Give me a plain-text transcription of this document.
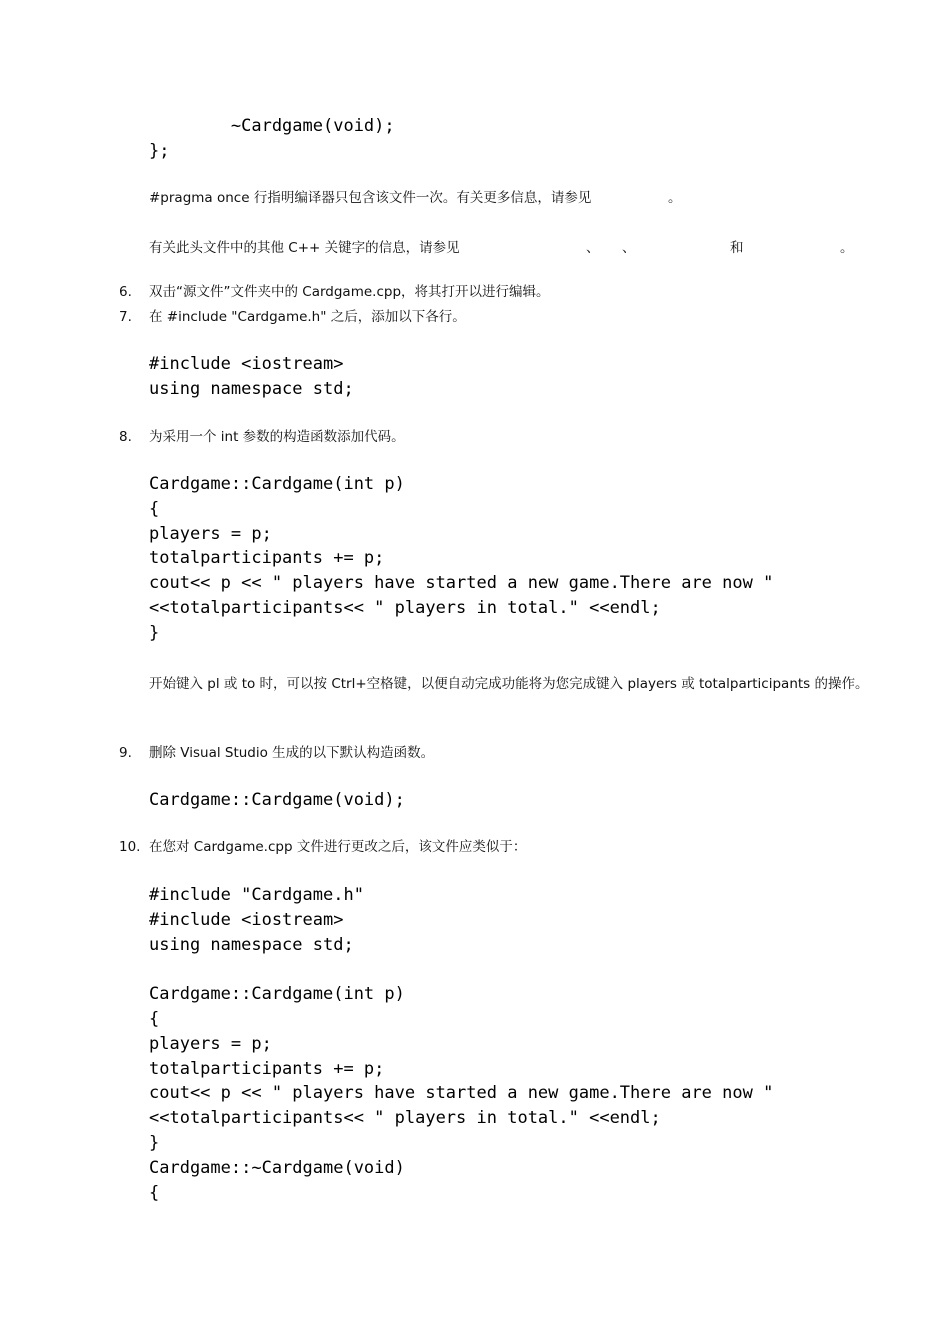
~Cardgame(void);
};
#pragma once 行指明编译器只包含该文件一次。有关更多信息，请参见	。
有关此头文件中的其他 C++ 关键字的信息，请参见	、 、	和	。
6. 双击“源文件”文件夹中的 Cardgame.cpp，将其打开以进行编辑。
7. 在 #include "Cardgame.h" 之后，添加以下各行。
#include <iostream>
using namespace std;
8. 为采用一个 int 参数的构造函数添加代码。
Cardgame::Cardgame(int p)
{
players = p;
totalparticipants += p;
cout<< p << " players have started a new game.There are now "
<<totalparticipants<< " players in total." <<endl;
}

开始键入 pl 或 to 时，可以按 Ctrl+空格键，以便自动完成功能将为您完成键入 players 或 totalparticipants 的操作。

9. 删除 Visual Studio 生成的以下默认构造函数。
Cardgame::Cardgame(void);
10. 在您对 Cardgame.cpp 文件进行更改之后，该文件应类似于：
#include "Cardgame.h"
#include <iostream>
using namespace std;

Cardgame::Cardgame(int p)
{
players = p;
totalparticipants += p;
cout<< p << " players have started a new game.There are now "
<<totalparticipants<< " players in total." <<endl;
}
Cardgame::~Cardgame(void)
{
